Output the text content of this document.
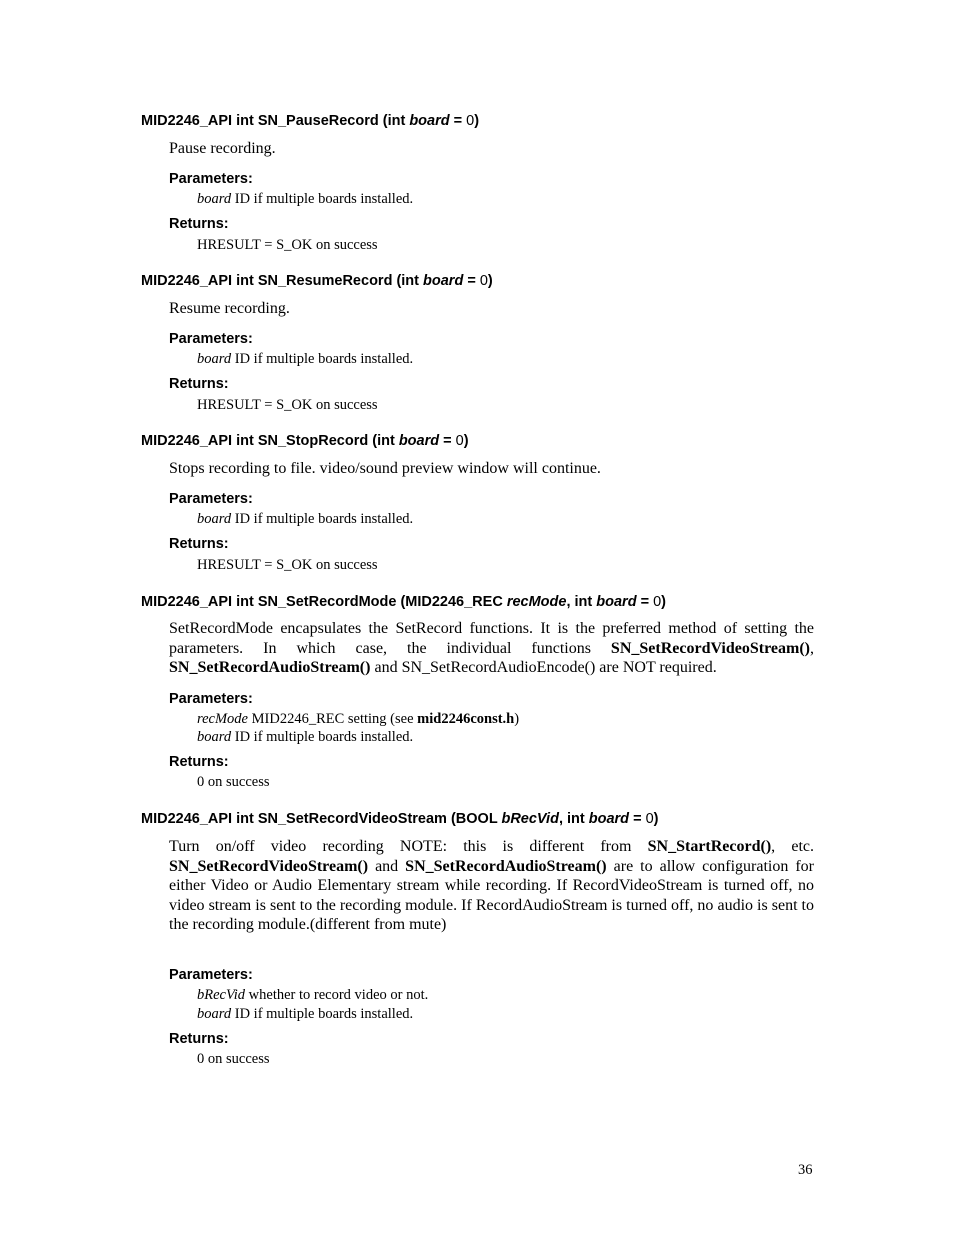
MID2246_API int SN_PauseRecord (int board = 0)

Pause recording.

Parameters:
board ID if multiple boards installed.
Returns:
HRESULT = S_OK on success
MID2246_API int SN_ResumeRecord (int board = 0)

Resume recording.

Parameters:
board ID if multiple boards installed.
Returns:
HRESULT = S_OK on success
MID2246_API int SN_StopRecord (int board = 0)

Stops recording to file. video/sound preview window will continue.

Parameters:
board ID if multiple boards installed.
Returns:
HRESULT = S_OK on success
MID2246_API int SN_SetRecordMode (MID2246_REC recMode, int board = 0)

SetRecordMode encapsulates the SetRecord functions. It is the preferred method of setting the parameters. In which case, the individual functions SN_SetRecordVideoStream(), SN_SetRecordAudioStream() and SN_SetRecordAudioEncode() are NOT required.

Parameters:
recMode MID2246_REC setting (see mid2246const.h)
board ID if multiple boards installed.
Returns:
0 on success
MID2246_API int SN_SetRecordVideoStream (BOOL bRecVid, int board = 0)

Turn on/off video recording NOTE: this is different from SN_StartRecord(), etc. SN_SetRecordVideoStream() and SN_SetRecordAudioStream() are to allow configuration for either Video or Audio Elementary stream while recording. If RecordVideoStream is turned off, no video stream is sent to the recording module. If RecordAudioStream is turned off, no audio is sent to the recording module.(different from mute)

Parameters:
bRecVid whether to record video or not.
board ID if multiple boards installed.
Returns:
0 on success
36
